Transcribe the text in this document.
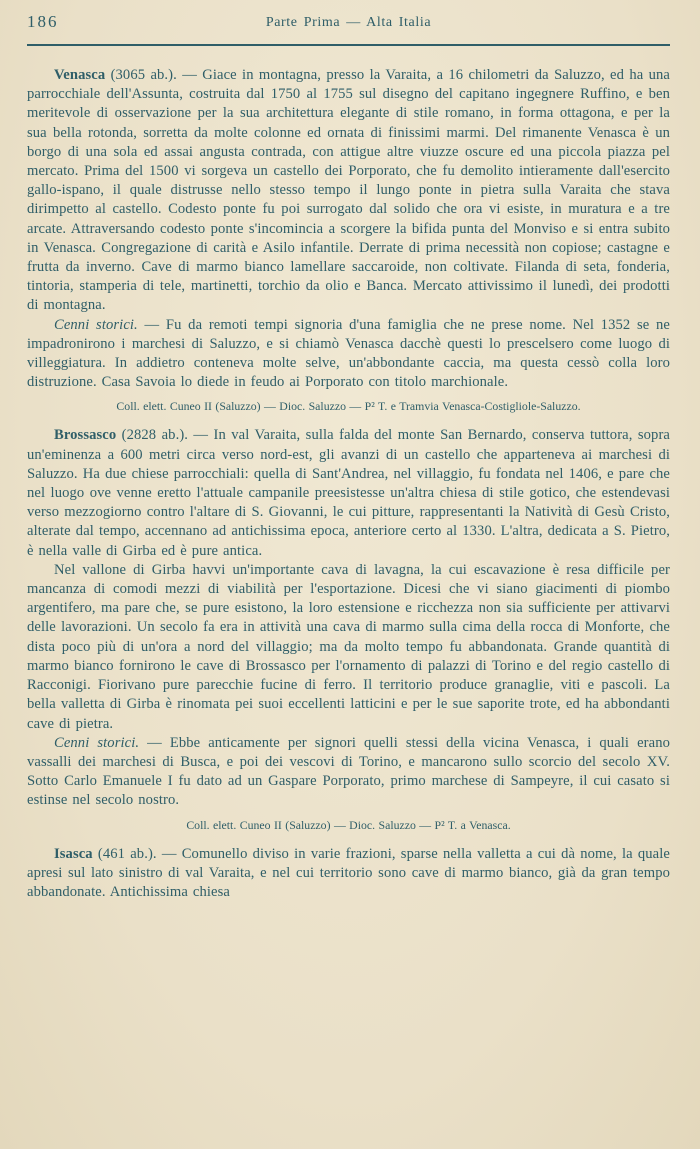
186	Parte Prima — Alta Italia

Venasca (3065 ab.). — Giace in montagna, presso la Varaita, a 16 chilometri da Saluzzo, ed ha una parrocchiale dell'Assunta, costruita dal 1750 al 1755 sul disegno del capitano ingegnere Ruffino, e ben meritevole di osservazione per la sua architettura elegante di stile romano, in forma ottagona, e per la sua bella rotonda, sorretta da molte colonne ed ornata di finissimi marmi. Del rimanente Venasca è un borgo di una sola ed assai angusta contrada, con attigue altre viuzze oscure ed una piccola piazza pel mercato. Prima del 1500 vi sorgeva un castello dei Porporato, che fu demolito intieramente dall'esercito gallo-ispano, il quale distrusse nello stesso tempo il lungo ponte in pietra sulla Varaita che stava dirimpetto al castello. Codesto ponte fu poi surrogato dal solido che ora vi esiste, in muratura e a tre arcate. Attraversando codesto ponte s'incomincia a scorgere la bifida punta del Monviso e si entra subito in Venasca. Congregazione di carità e Asilo infantile. Derrate di prima necessità non copiose; castagne e frutta da inverno. Cave di marmo bianco lamellare saccaroide, non coltivate. Filanda di seta, fonderia, tintoria, stamperia di tele, martinetti, torchio da olio e Banca. Mercato attivissimo il lunedì, dei prodotti di montagna.

Cenni storici. — Fu da remoti tempi signoria d'una famiglia che ne prese nome. Nel 1352 se ne impadronirono i marchesi di Saluzzo, e si chiamò Venasca dacchè questi lo prescelsero come luogo di villeggiatura. In addietro conteneva molte selve, un'abbondante caccia, ma questa cessò colla loro distruzione. Casa Savoia lo diede in feudo ai Porporato con titolo marchionale.

Coll. elett. Cuneo II (Saluzzo) — Dioc. Saluzzo — P² T. e Tramvia Venasca-Costigliole-Saluzzo.

Brossasco (2828 ab.). — In val Varaita, sulla falda del monte San Bernardo, conserva tuttora, sopra un'eminenza a 600 metri circa verso nord-est, gli avanzi di un castello che apparteneva ai marchesi di Saluzzo. Ha due chiese parrocchiali: quella di Sant'Andrea, nel villaggio, fu fondata nel 1406, e pare che nel luogo ove venne eretto l'attuale campanile preesistesse un'altra chiesa di stile gotico, che estendevasi verso mezzogiorno contro l'altare di S. Giovanni, le cui pitture, rappresentanti la Natività di Gesù Cristo, alterate dal tempo, accennano ad antichissima epoca, anteriore certo al 1330. L'altra, dedicata a S. Pietro, è nella valle di Girba ed è pure antica.

Nel vallone di Girba havvi un'importante cava di lavagna, la cui escavazione è resa difficile per mancanza di comodi mezzi di viabilità per l'esportazione. Dicesi che vi siano giacimenti di piombo argentifero, ma pare che, se pure esistono, la loro estensione e ricchezza non sia sufficiente per attivarvi delle lavorazioni. Un secolo fa era in attività una cava di marmo sulla cima della rocca di Monforte, che dista poco più di un'ora a nord del villaggio; ma da molto tempo fu abbandonata. Grande quantità di marmo bianco fornirono le cave di Brossasco per l'ornamento di palazzi di Torino e del regio castello di Racconigi. Fiorivano pure parecchie fucine di ferro. Il territorio produce granaglie, viti e pascoli. La bella valletta di Girba è rinomata pei suoi eccellenti latticini e per le sue saporite trote, ed ha abbondanti cave di pietra.

Cenni storici. — Ebbe anticamente per signori quelli stessi della vicina Venasca, i quali erano vassalli dei marchesi di Busca, e poi dei vescovi di Torino, e mancarono sullo scorcio del secolo XV. Sotto Carlo Emanuele I fu dato ad un Gaspare Porporato, primo marchese di Sampeyre, il cui casato si estinse nel secolo nostro.

Coll. elett. Cuneo II (Saluzzo) — Dioc. Saluzzo — P² T. a Venasca.

Isasca (461 ab.). — Comunello diviso in varie frazioni, sparse nella valletta a cui dà nome, la quale apresi sul lato sinistro di val Varaita, e nel cui territorio sono cave di marmo bianco, già da gran tempo abbandonate. Antichissima chiesa
